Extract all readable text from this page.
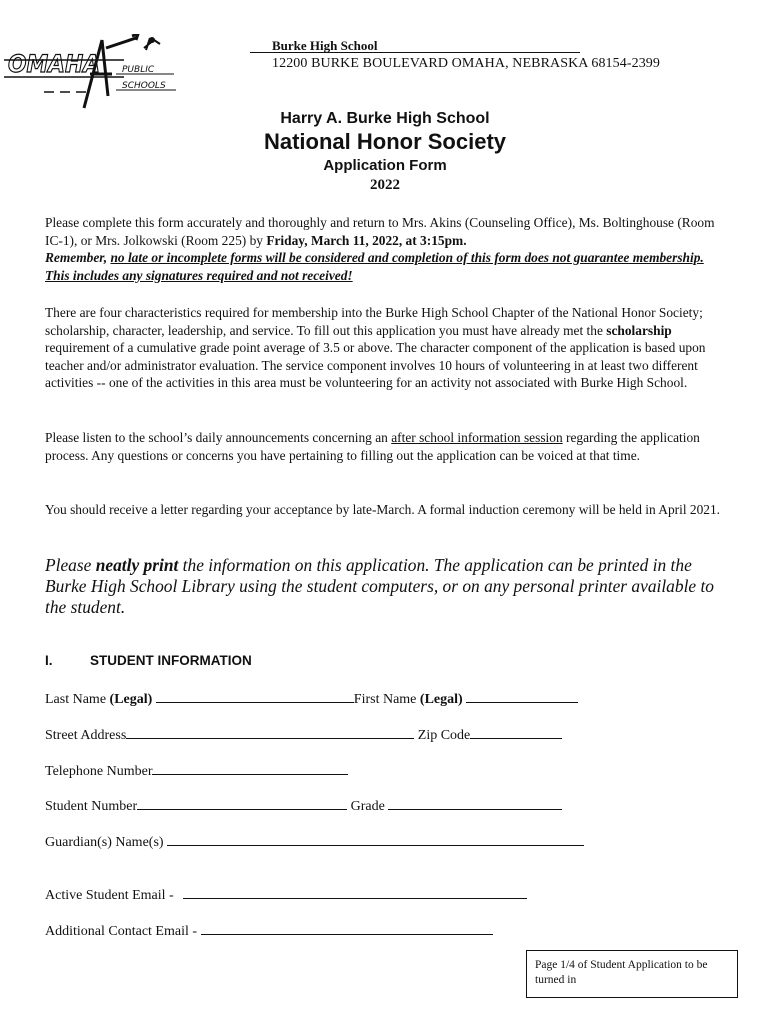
OMAHA PUBLIC
SCHOOLS
Burke High School
12200 BURKE BOULEVARD OMAHA, NEBRASKA 68154-2399
Harry A. Burke High School
National Honor Society
Application Form
2022
Please complete this form accurately and thoroughly and return to Mrs. Akins (Counseling Office), Ms. Boltinghouse (Room IC-1), or Mrs. Jolkowski (Room 225) by Friday, March 11, 2022, at 3:15pm.
Remember, no late or incomplete forms will be considered and completion of this form does not guarantee membership. This includes any signatures required and not received!
There are four characteristics required for membership into the Burke High School Chapter of the National Honor Society; scholarship, character, leadership, and service. To fill out this application you must have already met the scholarship requirement of a cumulative grade point average of 3.5 or above. The character component of the application is based upon teacher and/or administrator evaluation. The service component involves 10 hours of volunteering in at least two different activities -- one of the activities in this area must be volunteering for an activity not associated with Burke High School.
Please listen to the school’s daily announcements concerning an after school information session regarding the application process. Any questions or concerns you have pertaining to filling out the application can be voiced at that time.
You should receive a letter regarding your acceptance by late-March. A formal induction ceremony will be held in April 2021.
Please neatly print the information on this application. The application can be printed in the Burke High School Library using the student computers, or on any personal printer available to the student.
I.	STUDENT INFORMATION
Last Name (Legal)	First Name (Legal)
Street Address	Zip Code
Telephone Number
Student Number	Grade
Guardian(s) Name(s)
Active Student Email -
Additional Contact Email -
Page 1/4 of Student Application to be turned in
